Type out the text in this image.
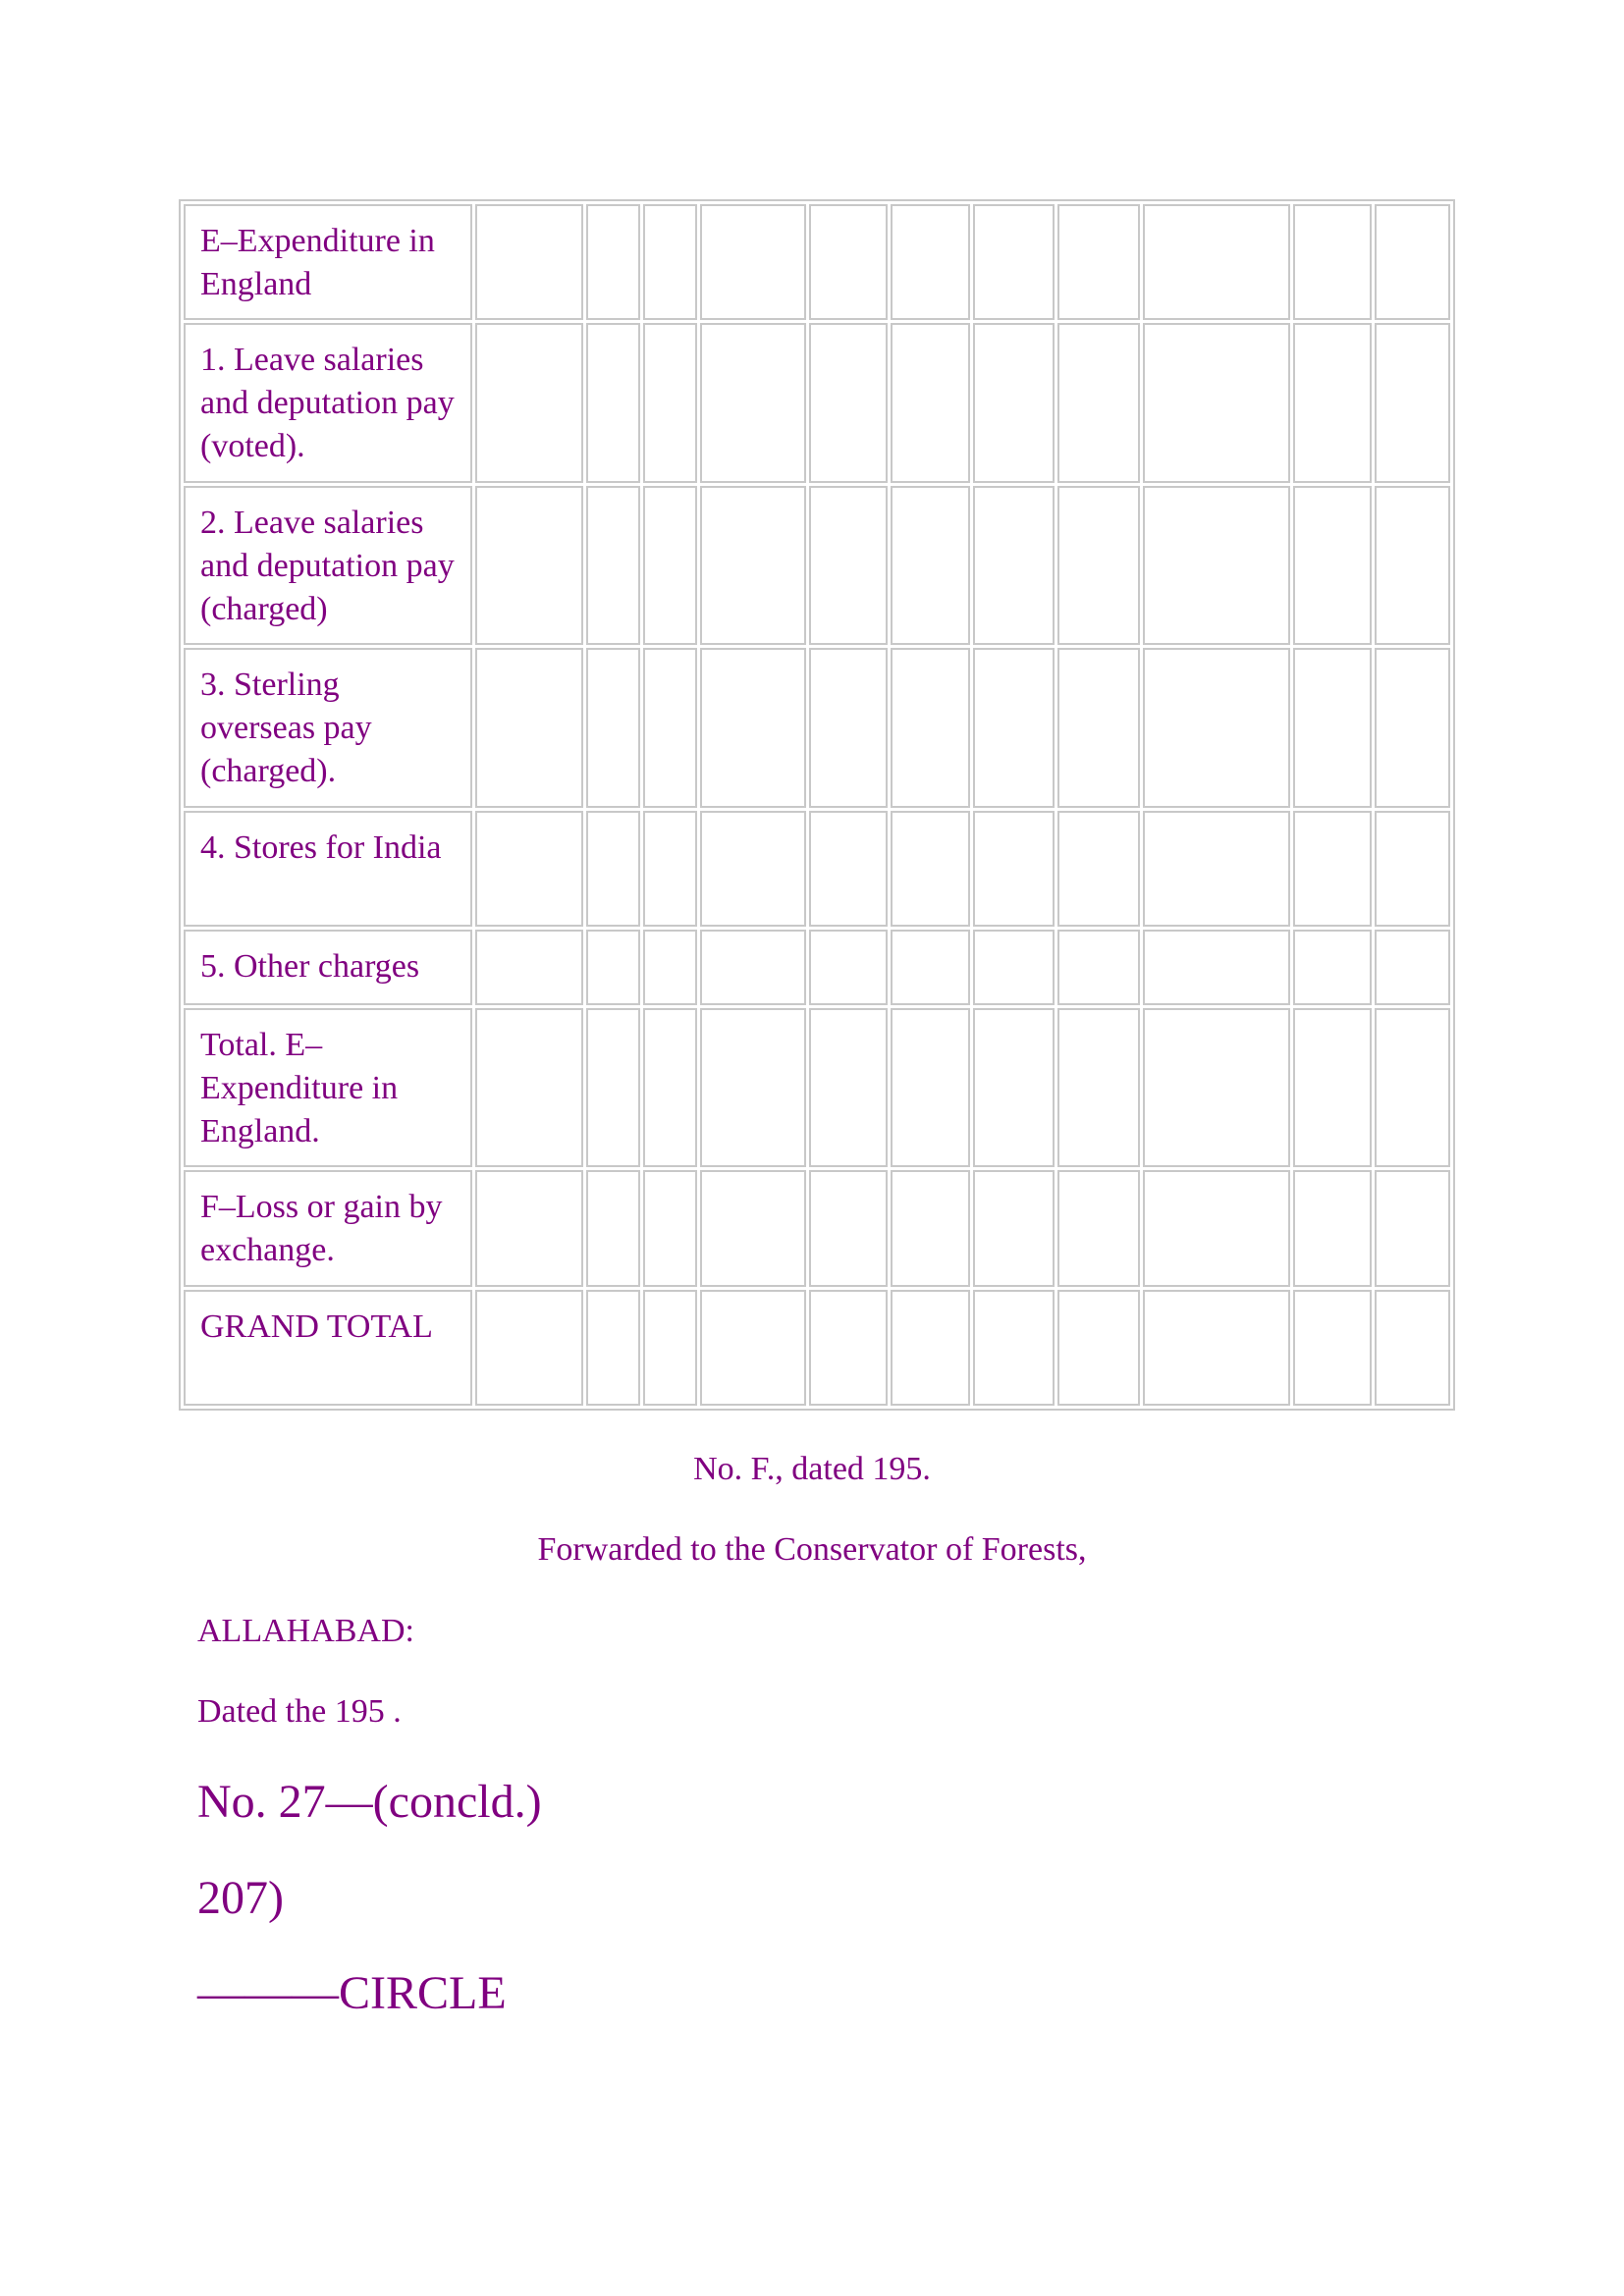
E–Expenditure in England											
1. Leave salaries and deputation pay (voted).											
2. Leave salaries and deputation pay (charged)											
3. Sterling overseas pay (charged).											
4. Stores for India											
5. Other charges											
Total. E–Expenditure in England.											
F–Loss or gain by exchange.											
GRAND TOTAL											
No. F., dated 195.
Forwarded to the Conservator of Forests,
ALLAHABAD:
Dated the 195 .
No. 27—(concld.)
207)
———CIRCLE
